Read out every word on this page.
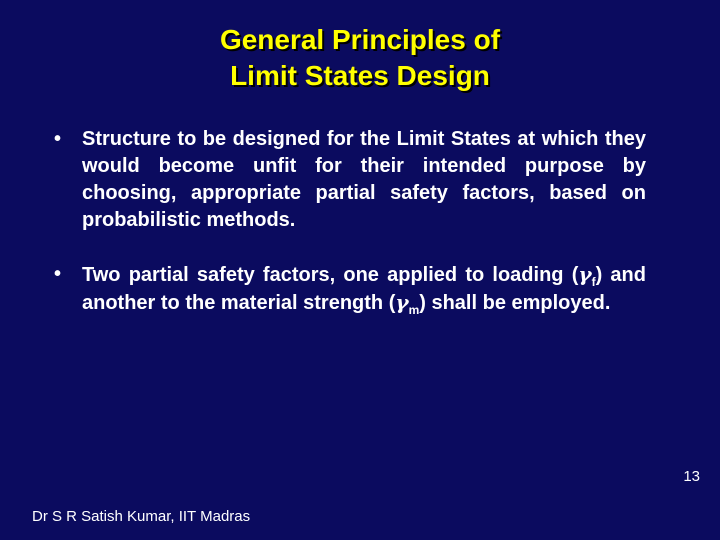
General Principles of
Limit States Design
• Structure to be designed for the Limit States at which they would become unfit for their intended purpose by choosing, appropriate partial safety factors, based on probabilistic methods.
• Two partial safety factors, one applied to loading $(\gamma_f)$ and another to the material strength $(\gamma_m)$ shall be employed.
Dr S R Satish Kumar, IIT Madras
13
